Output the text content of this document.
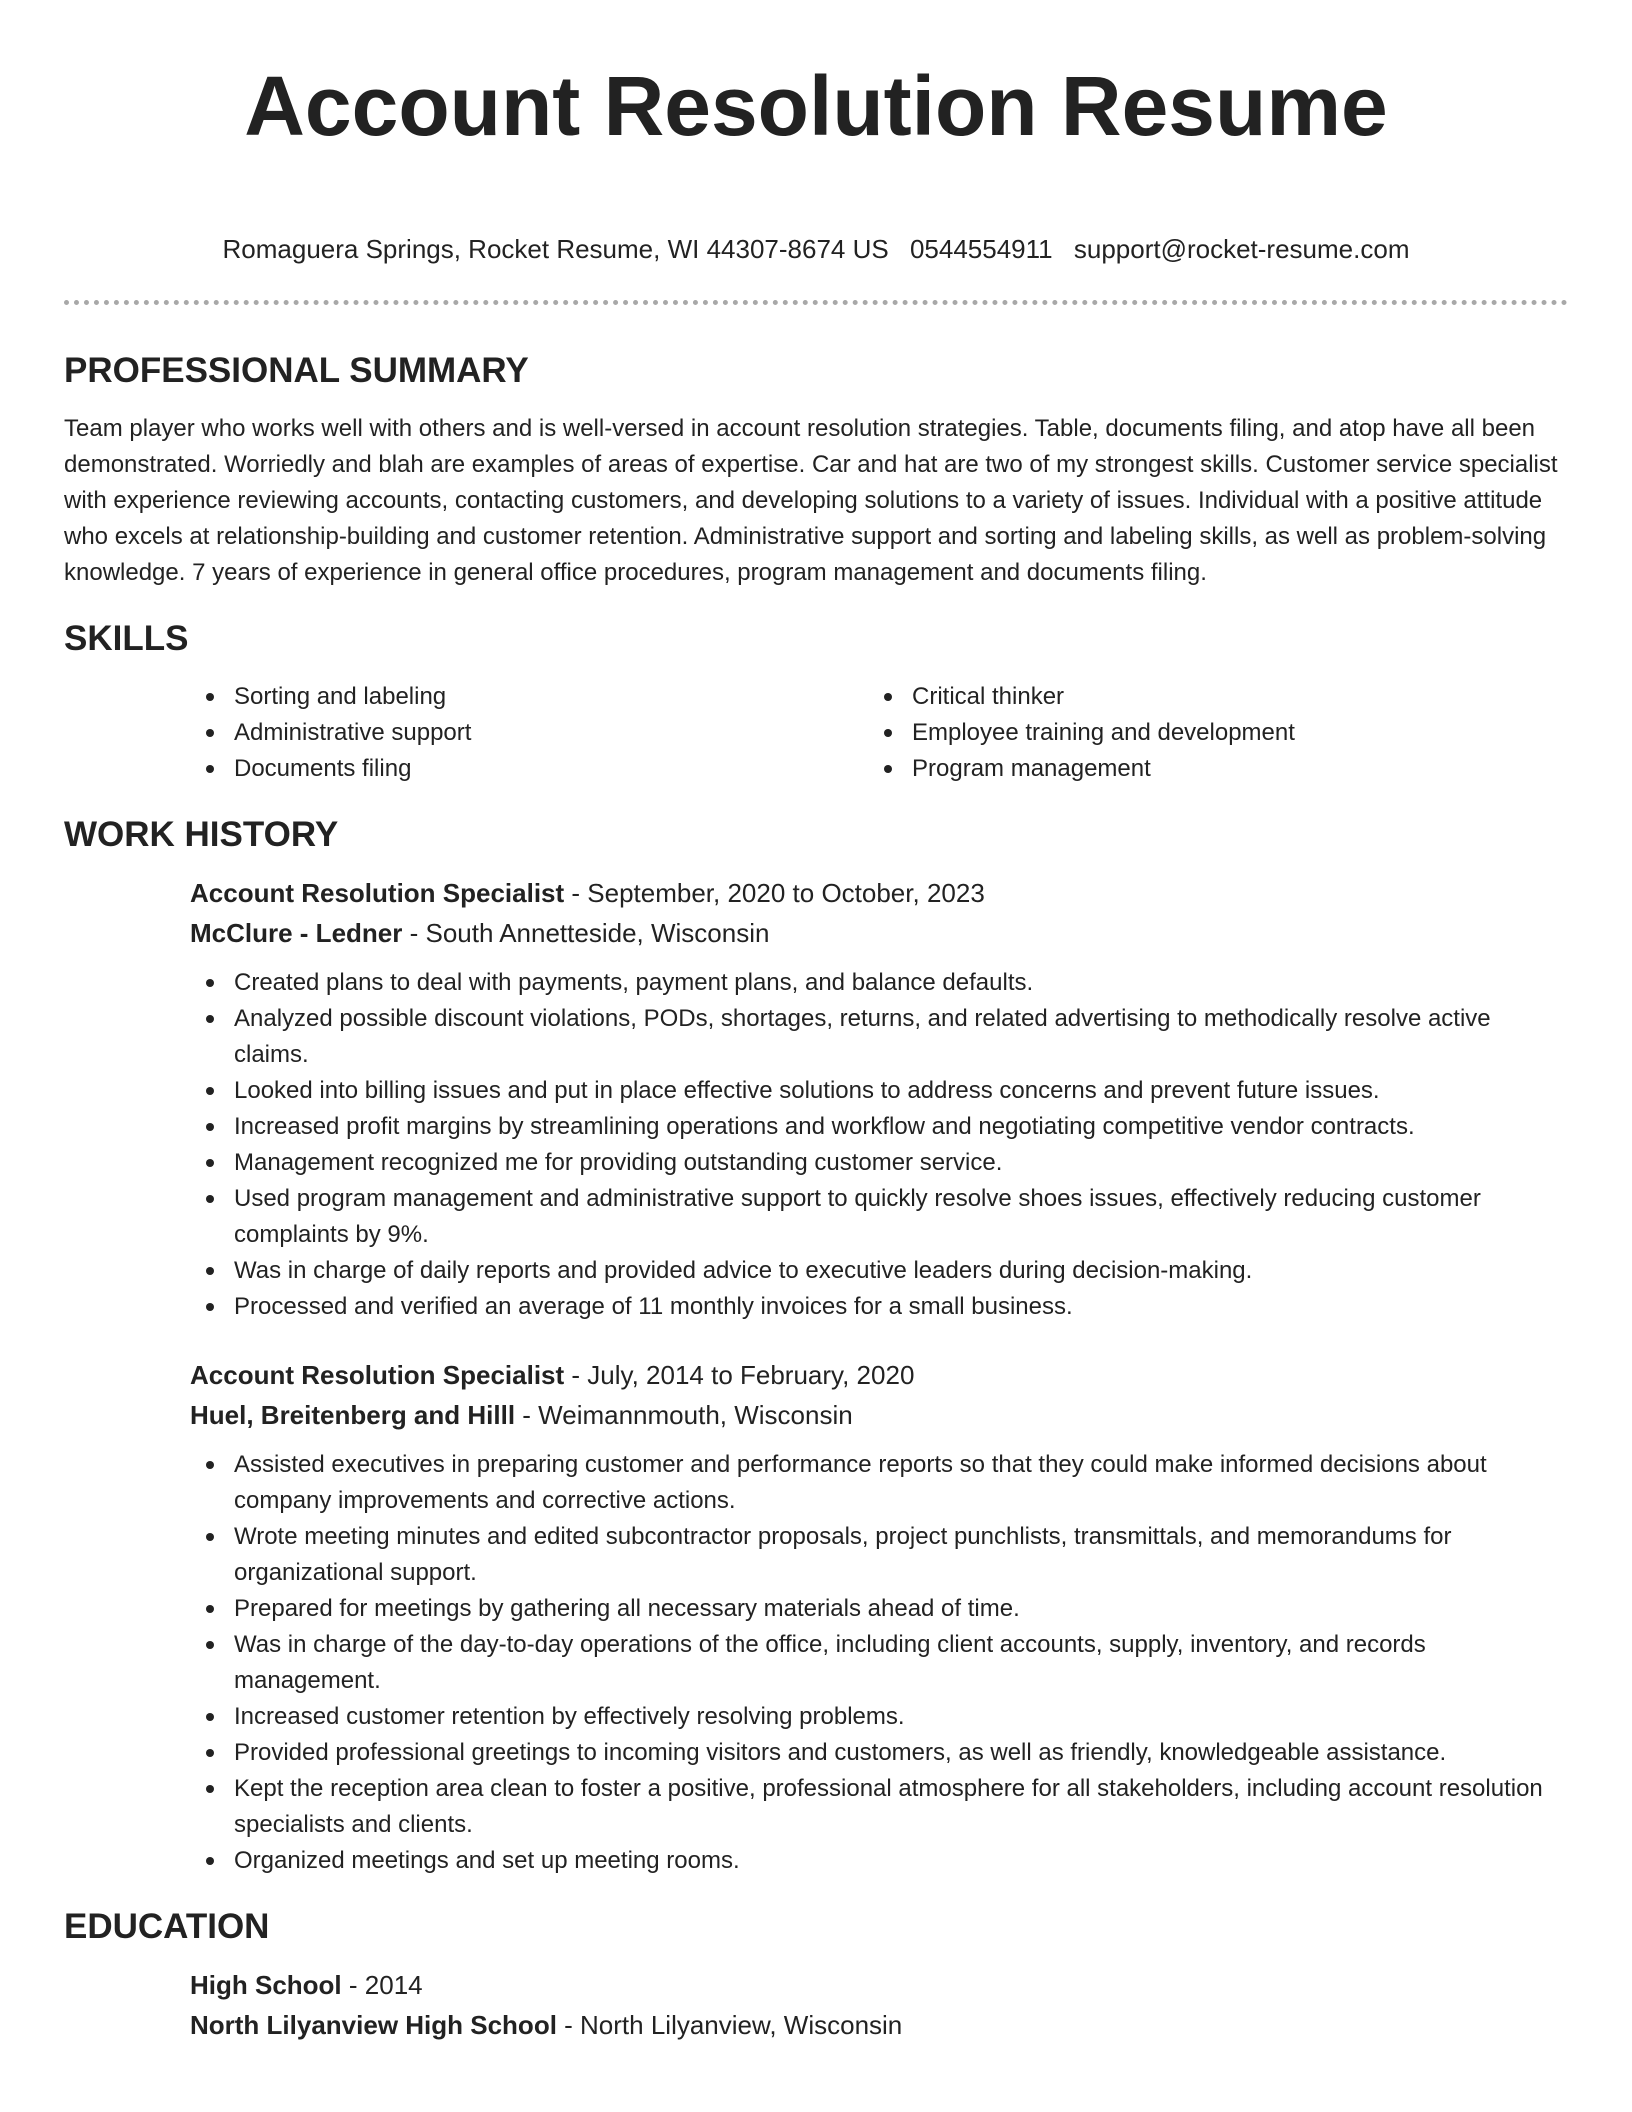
Account Resolution Resume
Romaguera Springs, Rocket Resume, WI 44307-8674 US 0544554911 support@rocket-resume.com
PROFESSIONAL SUMMARY

Team player who works well with others and is well-versed in account resolution strategies. Table, documents filing, and atop have all been demonstrated. Worriedly and blah are examples of areas of expertise. Car and hat are two of my strongest skills. Customer service specialist with experience reviewing accounts, contacting customers, and developing solutions to a variety of issues. Individual with a positive attitude who excels at relationship-building and customer retention. Administrative support and sorting and labeling skills, as well as problem-solving knowledge. 7 years of experience in general office procedures, program management and documents filing.

SKILLS
Sorting and labeling
Administrative support
Documents filing
Critical thinker
Employee training and development
Program management
WORK HISTORY
Account Resolution Specialist - September, 2020 to October, 2023
McClure - Ledner - South Annetteside, Wisconsin
Created plans to deal with payments, payment plans, and balance defaults.
Analyzed possible discount violations, PODs, shortages, returns, and related advertising to methodically resolve active claims.
Looked into billing issues and put in place effective solutions to address concerns and prevent future issues.
Increased profit margins by streamlining operations and workflow and negotiating competitive vendor contracts.
Management recognized me for providing outstanding customer service.
Used program management and administrative support to quickly resolve shoes issues, effectively reducing customer complaints by 9%.
Was in charge of daily reports and provided advice to executive leaders during decision-making.
Processed and verified an average of 11 monthly invoices for a small business.
Account Resolution Specialist - July, 2014 to February, 2020
Huel, Breitenberg and Hilll - Weimannmouth, Wisconsin
Assisted executives in preparing customer and performance reports so that they could make informed decisions about company improvements and corrective actions.
Wrote meeting minutes and edited subcontractor proposals, project punchlists, transmittals, and memorandums for organizational support.
Prepared for meetings by gathering all necessary materials ahead of time.
Was in charge of the day-to-day operations of the office, including client accounts, supply, inventory, and records management.
Increased customer retention by effectively resolving problems.
Provided professional greetings to incoming visitors and customers, as well as friendly, knowledgeable assistance.
Kept the reception area clean to foster a positive, professional atmosphere for all stakeholders, including account resolution specialists and clients.
Organized meetings and set up meeting rooms.
EDUCATION
High School - 2014
North Lilyanview High School - North Lilyanview, Wisconsin
